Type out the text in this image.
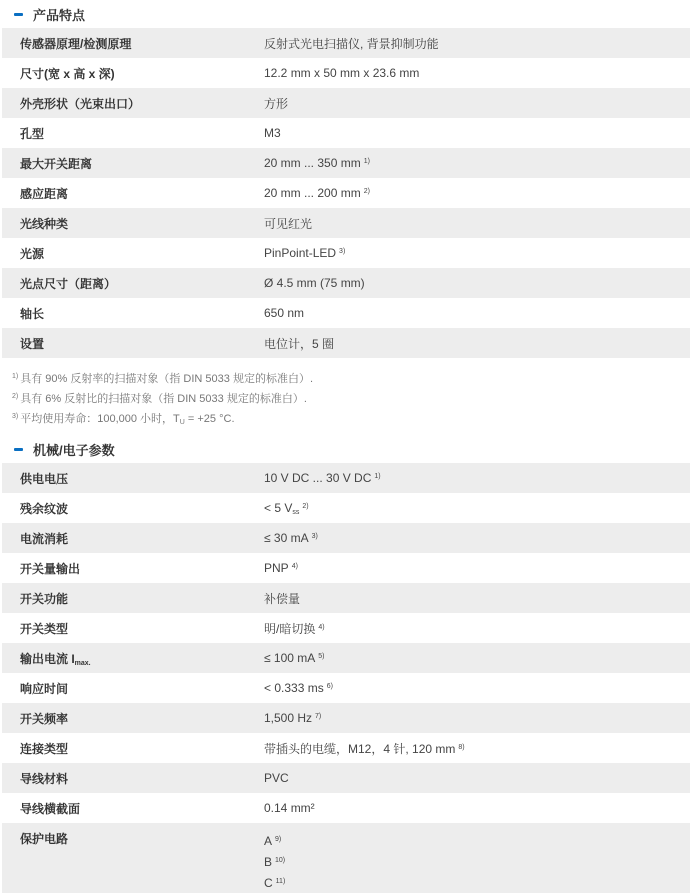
产品特点
传感器原理/检测原理	反射式光电扫描仪, 背景抑制功能
尺寸(宽 x 高 x 深)	12.2 mm x 50 mm x 23.6 mm
外壳形状（光束出口）	方形
孔型	M3
最大开关距离	20 mm ... 350 mm $^{1)}$
感应距离	20 mm ... 200 mm $^{2)}$
光线种类	可见红光
光源	PinPoint-LED $^{3)}$
光点尺寸（距离）	Ø 4.5 mm (75 mm)
轴长	650 nm
设置	电位计，5 圈
$^{1)}$ 具有 90% 反射率的扫描对象（指 DIN 5033 规定的标准白）.
$^{2)}$ 具有 6% 反射比的扫描对象（指 DIN 5033 规定的标准白）.
$^{3)}$ 平均使用寿命：100,000 小时，$T_U = +25$ °C.
机械/电子参数
供电电压	10 V DC ... 30 V DC $^{1)}$
残余纹波	< 5 $V_{ss}^{2)}$
电流消耗	≤ 30 mA $^{3)}$
开关量输出	PNP $^{4)}$
开关功能	补偿量
开关类型	明/暗切换 $^{4)}$
输出电流 $I_{max.}$	≤ 100 mA $^{5)}$
响应时间	< 0.333 ms $^{6)}$
开关频率	1,500 Hz $^{7)}$
连接类型	带插头的电缆，M12，4 针, 120 mm $^{8)}$
导线材料	PVC
导线横截面	0.14 mm²
保护电路	A $^{9)}$
B $^{10)}$
C $^{11)}$
